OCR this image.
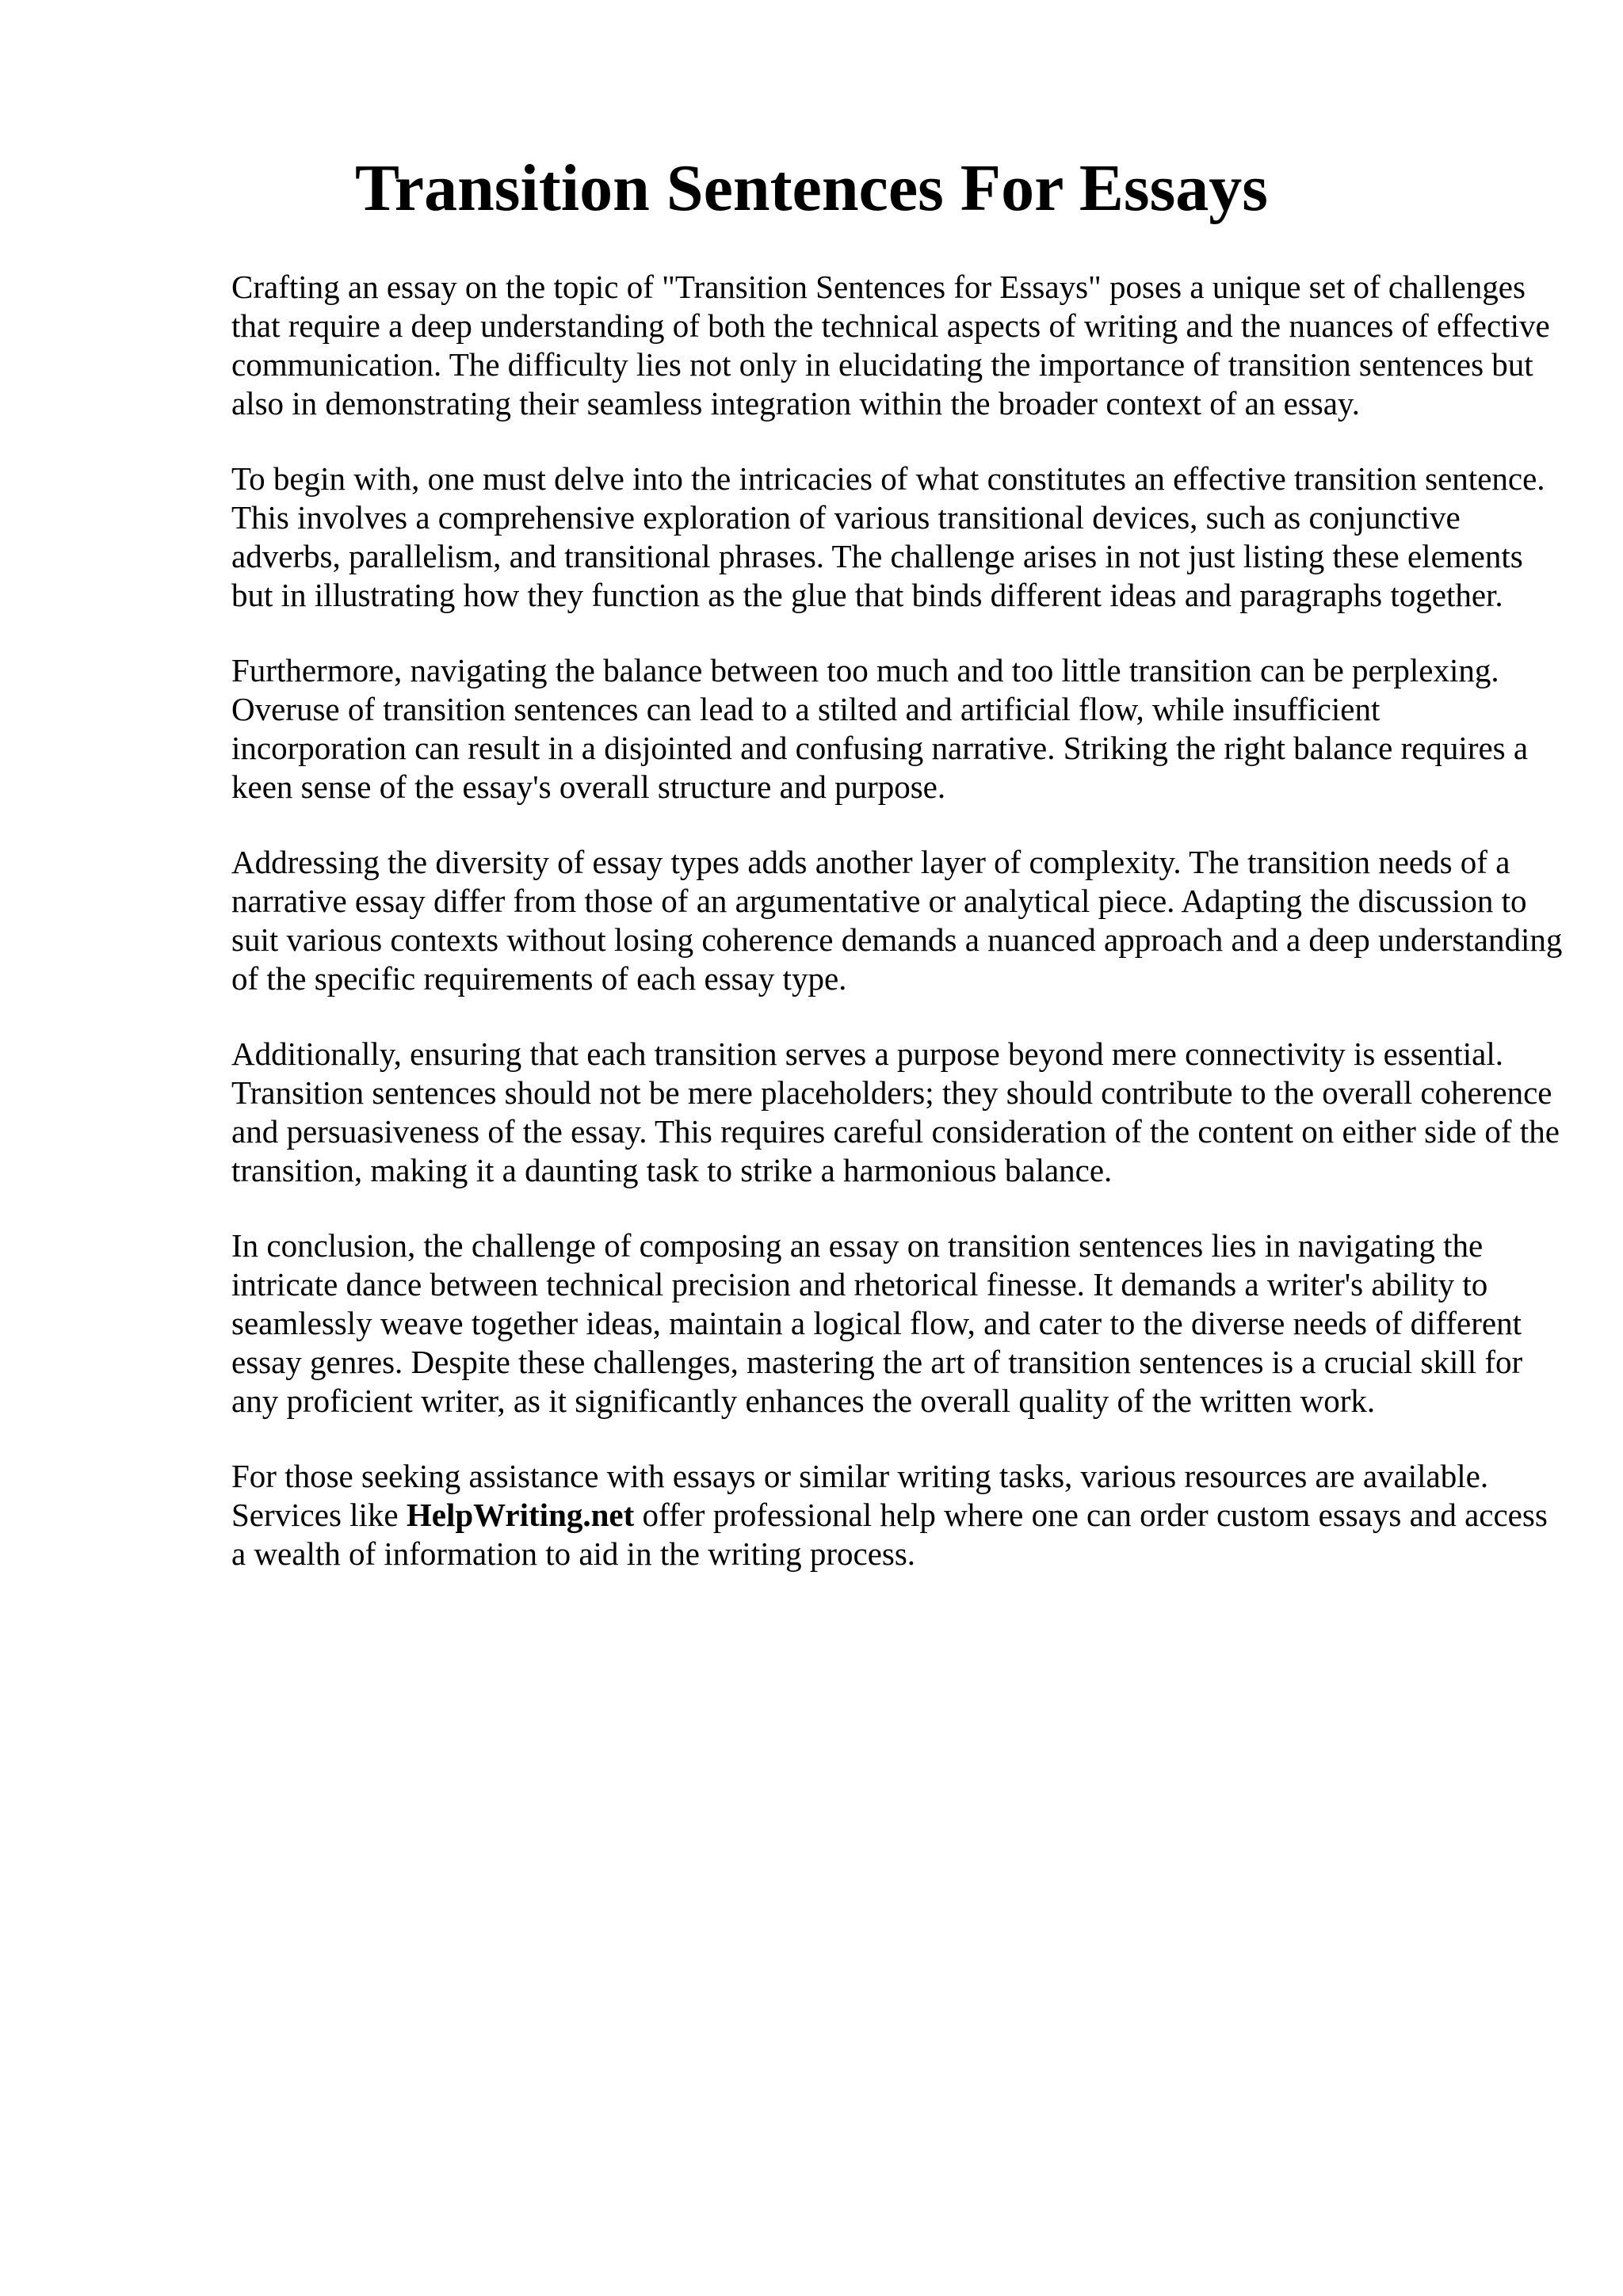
Transition Sentences For Essays

Crafting an essay on the topic of "Transition Sentences for Essays" poses a unique set of challenges that require a deep understanding of both the technical aspects of writing and the nuances of effective communication. The difficulty lies not only in elucidating the importance of transition sentences but also in demonstrating their seamless integration within the broader context of an essay.

To begin with, one must delve into the intricacies of what constitutes an effective transition sentence. This involves a comprehensive exploration of various transitional devices, such as conjunctive adverbs, parallelism, and transitional phrases. The challenge arises in not just listing these elements but in illustrating how they function as the glue that binds different ideas and paragraphs together.

Furthermore, navigating the balance between too much and too little transition can be perplexing. Overuse of transition sentences can lead to a stilted and artificial flow, while insufficient incorporation can result in a disjointed and confusing narrative. Striking the right balance requires a keen sense of the essay's overall structure and purpose.

Addressing the diversity of essay types adds another layer of complexity. The transition needs of a narrative essay differ from those of an argumentative or analytical piece. Adapting the discussion to suit various contexts without losing coherence demands a nuanced approach and a deep understanding of the specific requirements of each essay type.

Additionally, ensuring that each transition serves a purpose beyond mere connectivity is essential. Transition sentences should not be mere placeholders; they should contribute to the overall coherence and persuasiveness of the essay. This requires careful consideration of the content on either side of the transition, making it a daunting task to strike a harmonious balance.

In conclusion, the challenge of composing an essay on transition sentences lies in navigating the intricate dance between technical precision and rhetorical finesse. It demands a writer's ability to seamlessly weave together ideas, maintain a logical flow, and cater to the diverse needs of different essay genres. Despite these challenges, mastering the art of transition sentences is a crucial skill for any proficient writer, as it significantly enhances the overall quality of the written work.

For those seeking assistance with essays or similar writing tasks, various resources are available. Services like HelpWriting.net offer professional help where one can order custom essays and access a wealth of information to aid in the writing process.
